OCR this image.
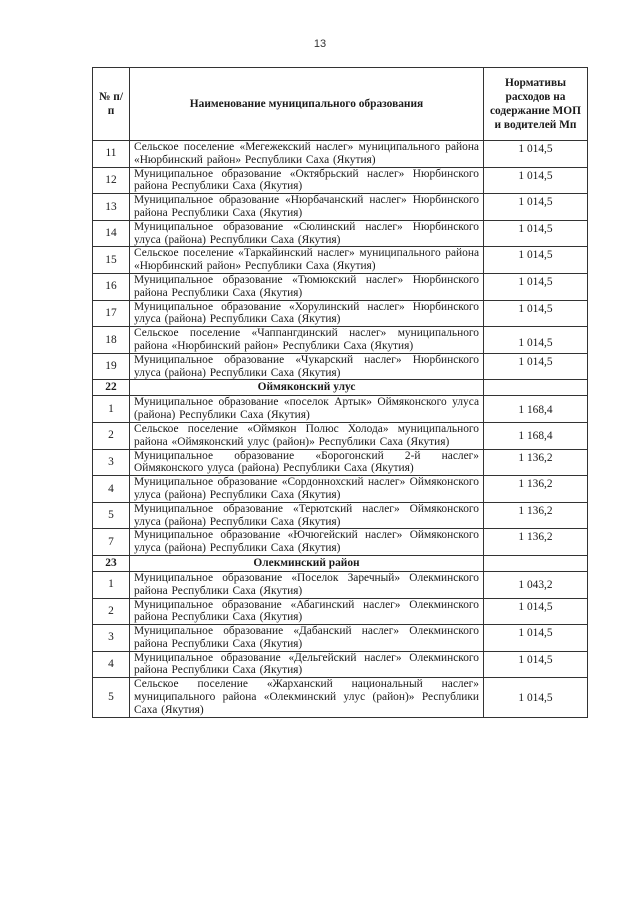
13
№ п/п	Наименование муниципального образования	Нормативы расходов на содержание МОП и водителей Мп
11	Сельское поселение «Мегежекский наслег» муниципального района «Нюрбинский район» Республики Саха (Якутия)	1 014,5
12	Муниципальное образование «Октябрьский наслег» Нюрбинского района Республики Саха (Якутия)	1 014,5
13	Муниципальное образование «Нюрбачанский наслег» Нюрбинского района Республики Саха (Якутия)	1 014,5
14	Муниципальное образование «Сюлинский наслег» Нюрбинского улуса (района) Республики Саха (Якутия)	1 014,5
15	Сельское поселение «Таркайинский наслег» муниципального района «Нюрбинский район» Республики Саха (Якутия)	1 014,5
16	Муниципальное образование «Тюмюкский наслег» Нюрбинского района Республики Саха (Якутия)	1 014,5
17	Муниципальное образование «Хорулинский наслег» Нюрбинского улуса (района) Республики Саха (Якутия)	1 014,5
18	Сельское поселение «Чаппангдинский наслег» муниципального района «Нюрбинский район» Республики Саха (Якутия)	1 014,5
19	Муниципальное образование «Чукарский наслег» Нюрбинского улуса (района) Республики Саха (Якутия)	1 014,5
22	Оймяконский улус	
1	Муниципальное образование «поселок Артык» Оймяконского улуса (района) Республики Саха (Якутия)	1 168,4
2	Сельское поселение «Оймякон Полюс Холода» муниципального района «Оймяконский улус (район)» Республики Саха (Якутия)	1 168,4
3	Муниципальное образование «Борогонский 2-й наслег» Оймяконского улуса (района) Республики Саха (Якутия)	1 136,2
4	Муниципальное образование «Сордоннохский наслег» Оймяконского улуса (района) Республики Саха (Якутия)	1 136,2
5	Муниципальное образование «Терютский наслег» Оймяконского улуса (района) Республики Саха (Якутия)	1 136,2
7	Муниципальное образование «Ючюгейский наслег» Оймяконского улуса (района) Республики Саха (Якутия)	1 136,2
23	Олекминский район	
1	Муниципальное образование «Поселок Заречный» Олекминского района Республики Саха (Якутия)	1 043,2
2	Муниципальное образование «Абагинский наслег» Олекминского района Республики Саха (Якутия)	1 014,5
3	Муниципальное образование «Дабанский наслег» Олекминского района Республики Саха (Якутия)	1 014,5
4	Муниципальное образование «Дельгейский наслег» Олекминского района Республики Саха (Якутия)	1 014,5
5	Сельское поселение «Жарханский национальный наслег» муниципального района «Олекминский улус (район)» Республики Саха (Якутия)	1 014,5
